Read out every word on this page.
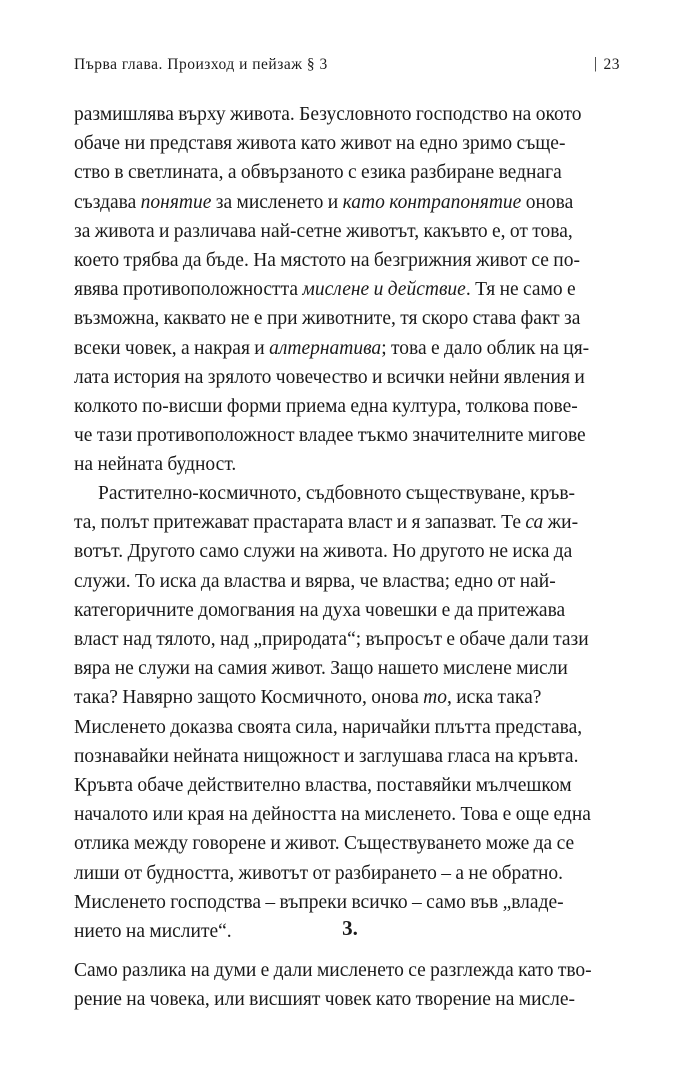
Първа глава. Произход и пейзаж § 3	| 23

размишлява върху живота. Безусловното господство на окото
обаче ни представя живота като живот на едно зримо съще-
ство в светлината, а обвързаното с езика разбиране веднага
създава понятие за мисленето и като контрапонятие онова
за живота и различава най-сетне животът, какъвто е, от това,
което трябва да бъде. На мястото на безгрижния живот се по-
явява противоположността мислене и действие. Тя не само е
възможна, каквато не е при животните, тя скоро става факт за
всеки човек, а накрая и алтернатива; това е дало облик на ця-
лата история на зрялото човечество и всички нейни явления и
колкото по-висши форми приема една култура, толкова пове-
че тази противоположност владее тъкмо значителните мигове
на нейната будност.

Растително-космичното, съдбовното съществуване, кръв-
та, полът притежават прастарата власт и я запазват. Те са жи-
вотът. Другото само служи на живота. Но другото не иска да
служи. То иска да властва и вярва, че властва; едно от най-
категоричните домогвания на духа човешки е да притежава
власт над тялото, над „природата“; въпросът е обаче дали тази
вяра не служи на самия живот. Защо нашето мислене мисли
така? Навярно защото Космичното, онова то, иска така?
Мисленето доказва своята сила, наричайки плътта представа,
познавайки нейната нищожност и заглушава гласа на кръвта.
Кръвта обаче действително властва, поставяйки мълчешком
началото или края на дейността на мисленето. Това е още една
отлика между говорене и живот. Съществуването може да се
лиши от будността, животът от разбирането – а не обратно.
Мисленето господства – въпреки всичко – само във „владе-
нието на мислите“.	3.

Само разлика на думи е дали мисленето се разглежда като тво-
рение на човека, или висшият човек като творение на мисле-
